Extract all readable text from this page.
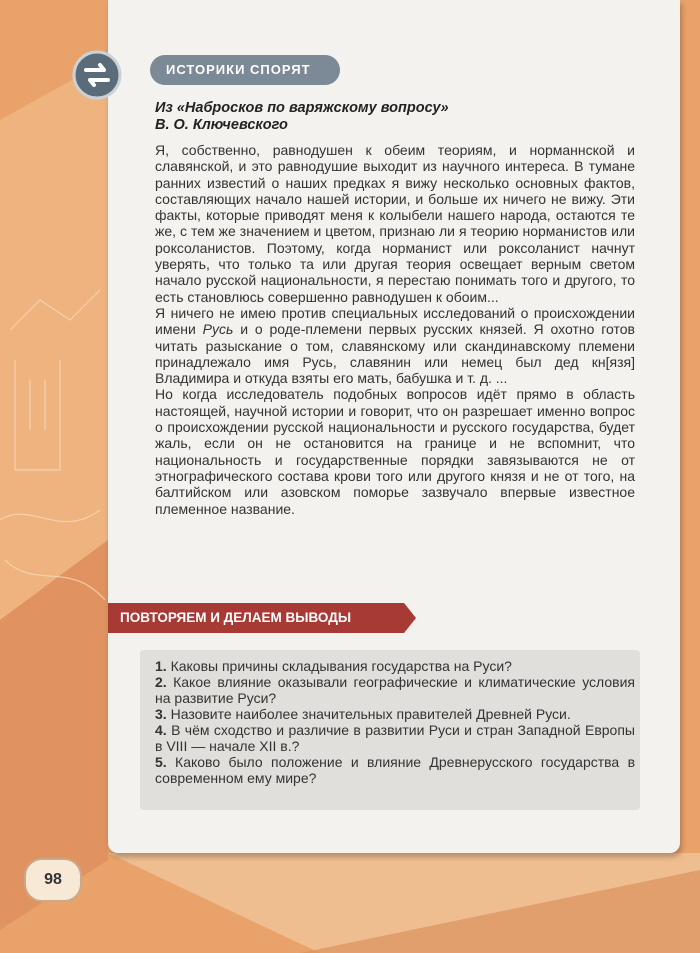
ИСТОРИКИ СПОРЯТ
Из «Набросков по варяжскому вопросу»
В. О. Ключевского

Я, собственно, равнодушен к обеим теориям, и норманнской и славянской, и это равнодушие выходит из научного интереса. В тумане ранних известий о наших предках я вижу несколько основных фактов, составляющих начало нашей истории, и больше их ничего не вижу. Эти факты, которые приводят меня к колыбели нашего народа, остаются те же, с тем же значением и цветом, признаю ли я теорию норманистов или роксоланистов. Поэтому, когда норманист или роксоланист начнут уверять, что только та или другая теория освещает верным светом начало русской национальности, я перестаю понимать того и другого, то есть становлюсь совершенно равнодушен к обоим...

Я ничего не имею против специальных исследований о происхождении имени Русь и о роде-племени первых русских князей. Я охотно готов читать разыскание о том, славянскому или скандинавскому племени принадлежало имя Русь, славянин или немец был дед кн[язя] Владимира и откуда взяты его мать, бабушка и т. д. ...

Но когда исследователь подобных вопросов идёт прямо в область настоящей, научной истории и говорит, что он разрешает именно вопрос о происхождении русской национальности и русского государства, будет жаль, если он не остановится на границе и не вспомнит, что национальность и государственные порядки завязываются не от этнографического состава крови того или другого князя и не от того, на балтийском или азовском поморье зазвучало впервые известное племенное название.

ПОВТОРЯЕМ И ДЕЛАЕМ ВЫВОДЫ

1. Каковы причины складывания государства на Руси?

2. Какое влияние оказывали географические и климатические условия на развитие Руси?

3. Назовите наиболее значительных правителей Древней Руси.

4. В чём сходство и различие в развитии Руси и стран Западной Европы в VIII — начале XII в.?

5. Каково было положение и влияние Древнерусского государства в современном ему мире?

98
